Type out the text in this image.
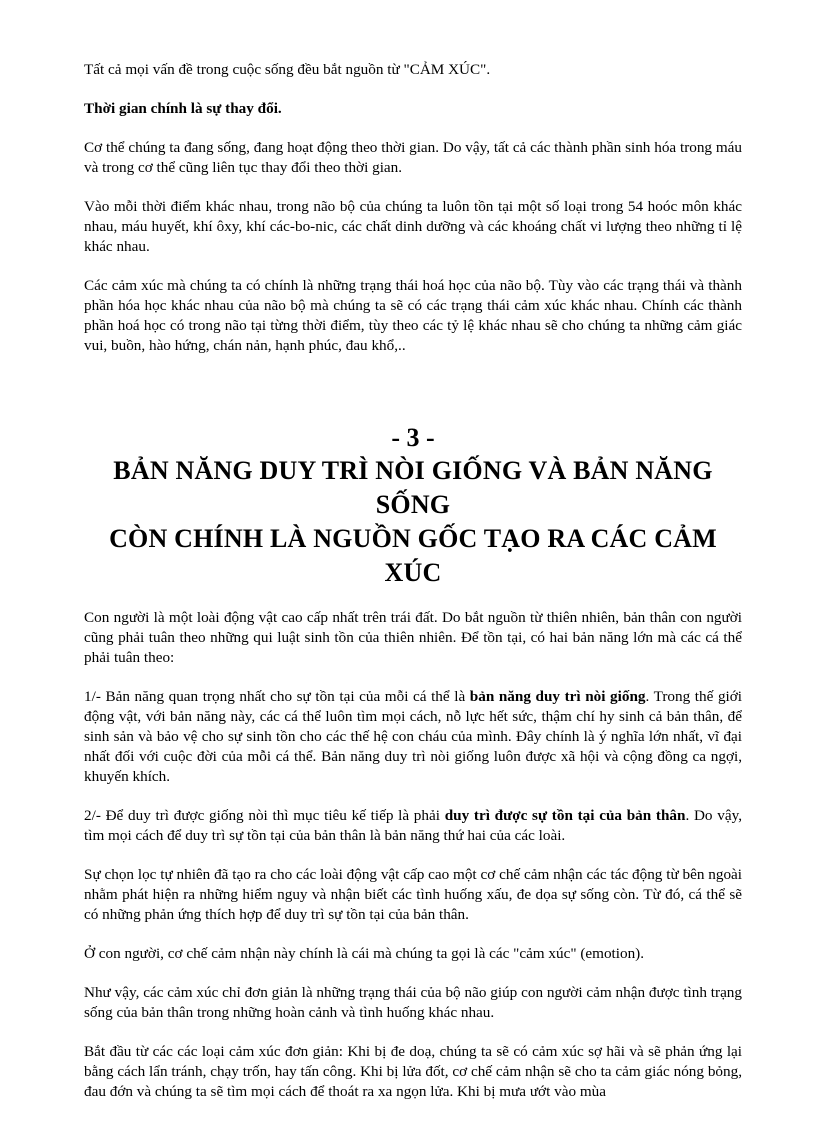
Tất cả mọi vấn đề trong cuộc sống đều bắt nguồn từ "CẢM XÚC".

Thời gian chính là sự thay đổi.

Cơ thể chúng ta đang sống, đang hoạt động theo thời gian. Do vậy, tất cả các thành phần sinh hóa trong máu và trong cơ thể cũng liên tục thay đổi theo thời gian.

Vào mỗi thời điểm khác nhau, trong não bộ của chúng ta luôn tồn tại một số loại trong 54 hoóc môn khác nhau, máu huyết, khí ôxy, khí các-bo-nic, các chất dinh dưỡng và các khoáng chất vi lượng theo những tỉ lệ khác nhau.

Các cảm xúc mà chúng ta có chính là những trạng thái hoá học của não bộ. Tùy vào các trạng thái và thành phần hóa học khác nhau của não bộ mà chúng ta sẽ có các trạng thái cảm xúc khác nhau. Chính các thành phần hoá học có trong não tại từng thời điểm, tùy theo các tỷ lệ khác nhau sẽ cho chúng ta những cảm giác vui, buồn, hào hứng, chán nản, hạnh phúc, đau khổ,..

- 3 -
BẢN NĂNG DUY TRÌ NÒI GIỐNG VÀ BẢN NĂNG SỐNG
CÒN CHÍNH LÀ NGUỒN GỐC TẠO RA CÁC CẢM XÚC

Con người là một loài động vật cao cấp nhất trên trái đất. Do bắt nguồn từ thiên nhiên, bản thân con người cũng phải tuân theo những qui luật sinh tồn của thiên nhiên. Để tồn tại, có hai bản năng lớn mà các cá thể phải tuân theo:

1/- Bản năng quan trọng nhất cho sự tồn tại của mỗi cá thể là bản năng duy trì nòi giống. Trong thế giới động vật, với bản năng này, các cá thể luôn tìm mọi cách, nỗ lực hết sức, thậm chí hy sinh cả bản thân, để sinh sản và bảo vệ cho sự sinh tồn cho các thế hệ con cháu của mình. Đây chính là ý nghĩa lớn nhất, vĩ đại nhất đối với cuộc đời của mỗi cá thể. Bản năng duy trì nòi giống luôn được xã hội và cộng đồng ca ngợi, khuyến khích.

2/- Để duy trì được giống nòi thì mục tiêu kế tiếp là phải duy trì được sự tồn tại của bản thân. Do vậy, tìm mọi cách để duy trì sự tồn tại của bản thân là bản năng thứ hai của các loài.

Sự chọn lọc tự nhiên đã tạo ra cho các loài động vật cấp cao một cơ chế cảm nhận các tác động từ bên ngoài nhằm phát hiện ra những hiểm nguy và nhận biết các tình huống xấu, đe dọa sự sống còn. Từ đó, cá thể sẽ có những phản ứng thích hợp để duy trì sự tồn tại của bản thân.

Ở con người, cơ chế cảm nhận này chính là cái mà chúng ta gọi là các "cảm xúc" (emotion).

Như vậy, các cảm xúc chỉ đơn giản là những trạng thái của bộ não giúp con người cảm nhận được tình trạng sống của bản thân trong những hoàn cảnh và tình huống khác nhau.

Bắt đầu từ các các loại cảm xúc đơn giản: Khi bị đe doạ, chúng ta sẽ có cảm xúc sợ hãi và sẽ phản ứng lại bằng cách lẩn tránh, chạy trốn, hay tấn công. Khi bị lửa đốt, cơ chế cảm nhận sẽ cho ta cảm giác nóng bỏng, đau đớn và chúng ta sẽ tìm mọi cách để thoát ra xa ngọn lửa. Khi bị mưa ướt vào mùa
